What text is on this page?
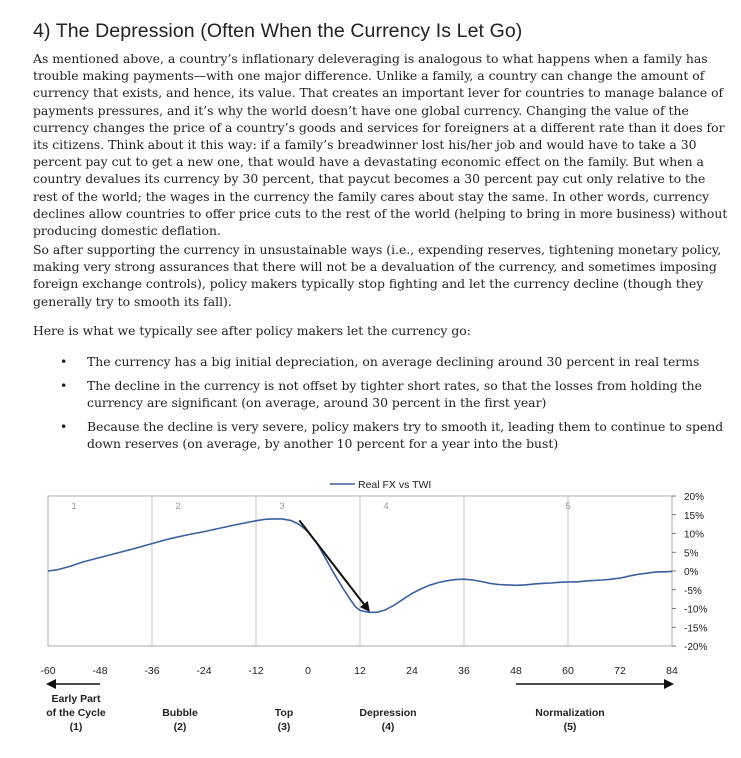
4) The Depression (Often When the Currency Is Let Go)

As mentioned above, a country’s inflationary deleveraging is analogous to what happens when a family has trouble making payments—with one major difference. Unlike a family, a country can change the amount of currency that exists, and hence, its value. That creates an important lever for countries to manage balance of payments pressures, and it’s why the world doesn’t have one global currency. Changing the value of the currency changes the price of a country’s goods and services for foreigners at a different rate than it does for its citizens. Think about it this way: if a family’s breadwinner lost his/her job and would have to take a 30 percent pay cut to get a new one, that would have a devastating economic effect on the family. But when a country devalues its currency by 30 percent, that paycut becomes a 30 percent pay cut only relative to the rest of the world; the wages in the currency the family cares about stay the same. In other words, currency declines allow countries to offer price cuts to the rest of the world (helping to bring in more business) without producing domestic deflation.

So after supporting the currency in unsustainable ways (i.e., expending reserves, tightening monetary policy, making very strong assurances that there will not be a devaluation of the currency, and sometimes imposing foreign exchange controls), policy makers typically stop fighting and let the currency decline (though they generally try to smooth its fall).

Here is what we typically see after policy makers let the currency go:

• The currency has a big initial depreciation, on average declining around 30 percent in real terms
• The decline in the currency is not offset by tighter short rates, so that the losses from holding the currency are significant (on average, around 30 percent in the first year)
• Because the decline is very severe, policy makers try to smooth it, leading them to continue to spend down reserves (on average, by another 10 percent for a year into the bust)
20%
15%
10%
5%
0%
-5%
-10%
-15%
-20%
-60	-48	-36	-24	-12	0	12	24	36	48	60	72	84
1	2	3	4	5
Real FX vs TWI
Early Part
of the Cycle
(1)
Bubble
(2)
Top
(3)
Depression
(4)
Normalization
(5)
